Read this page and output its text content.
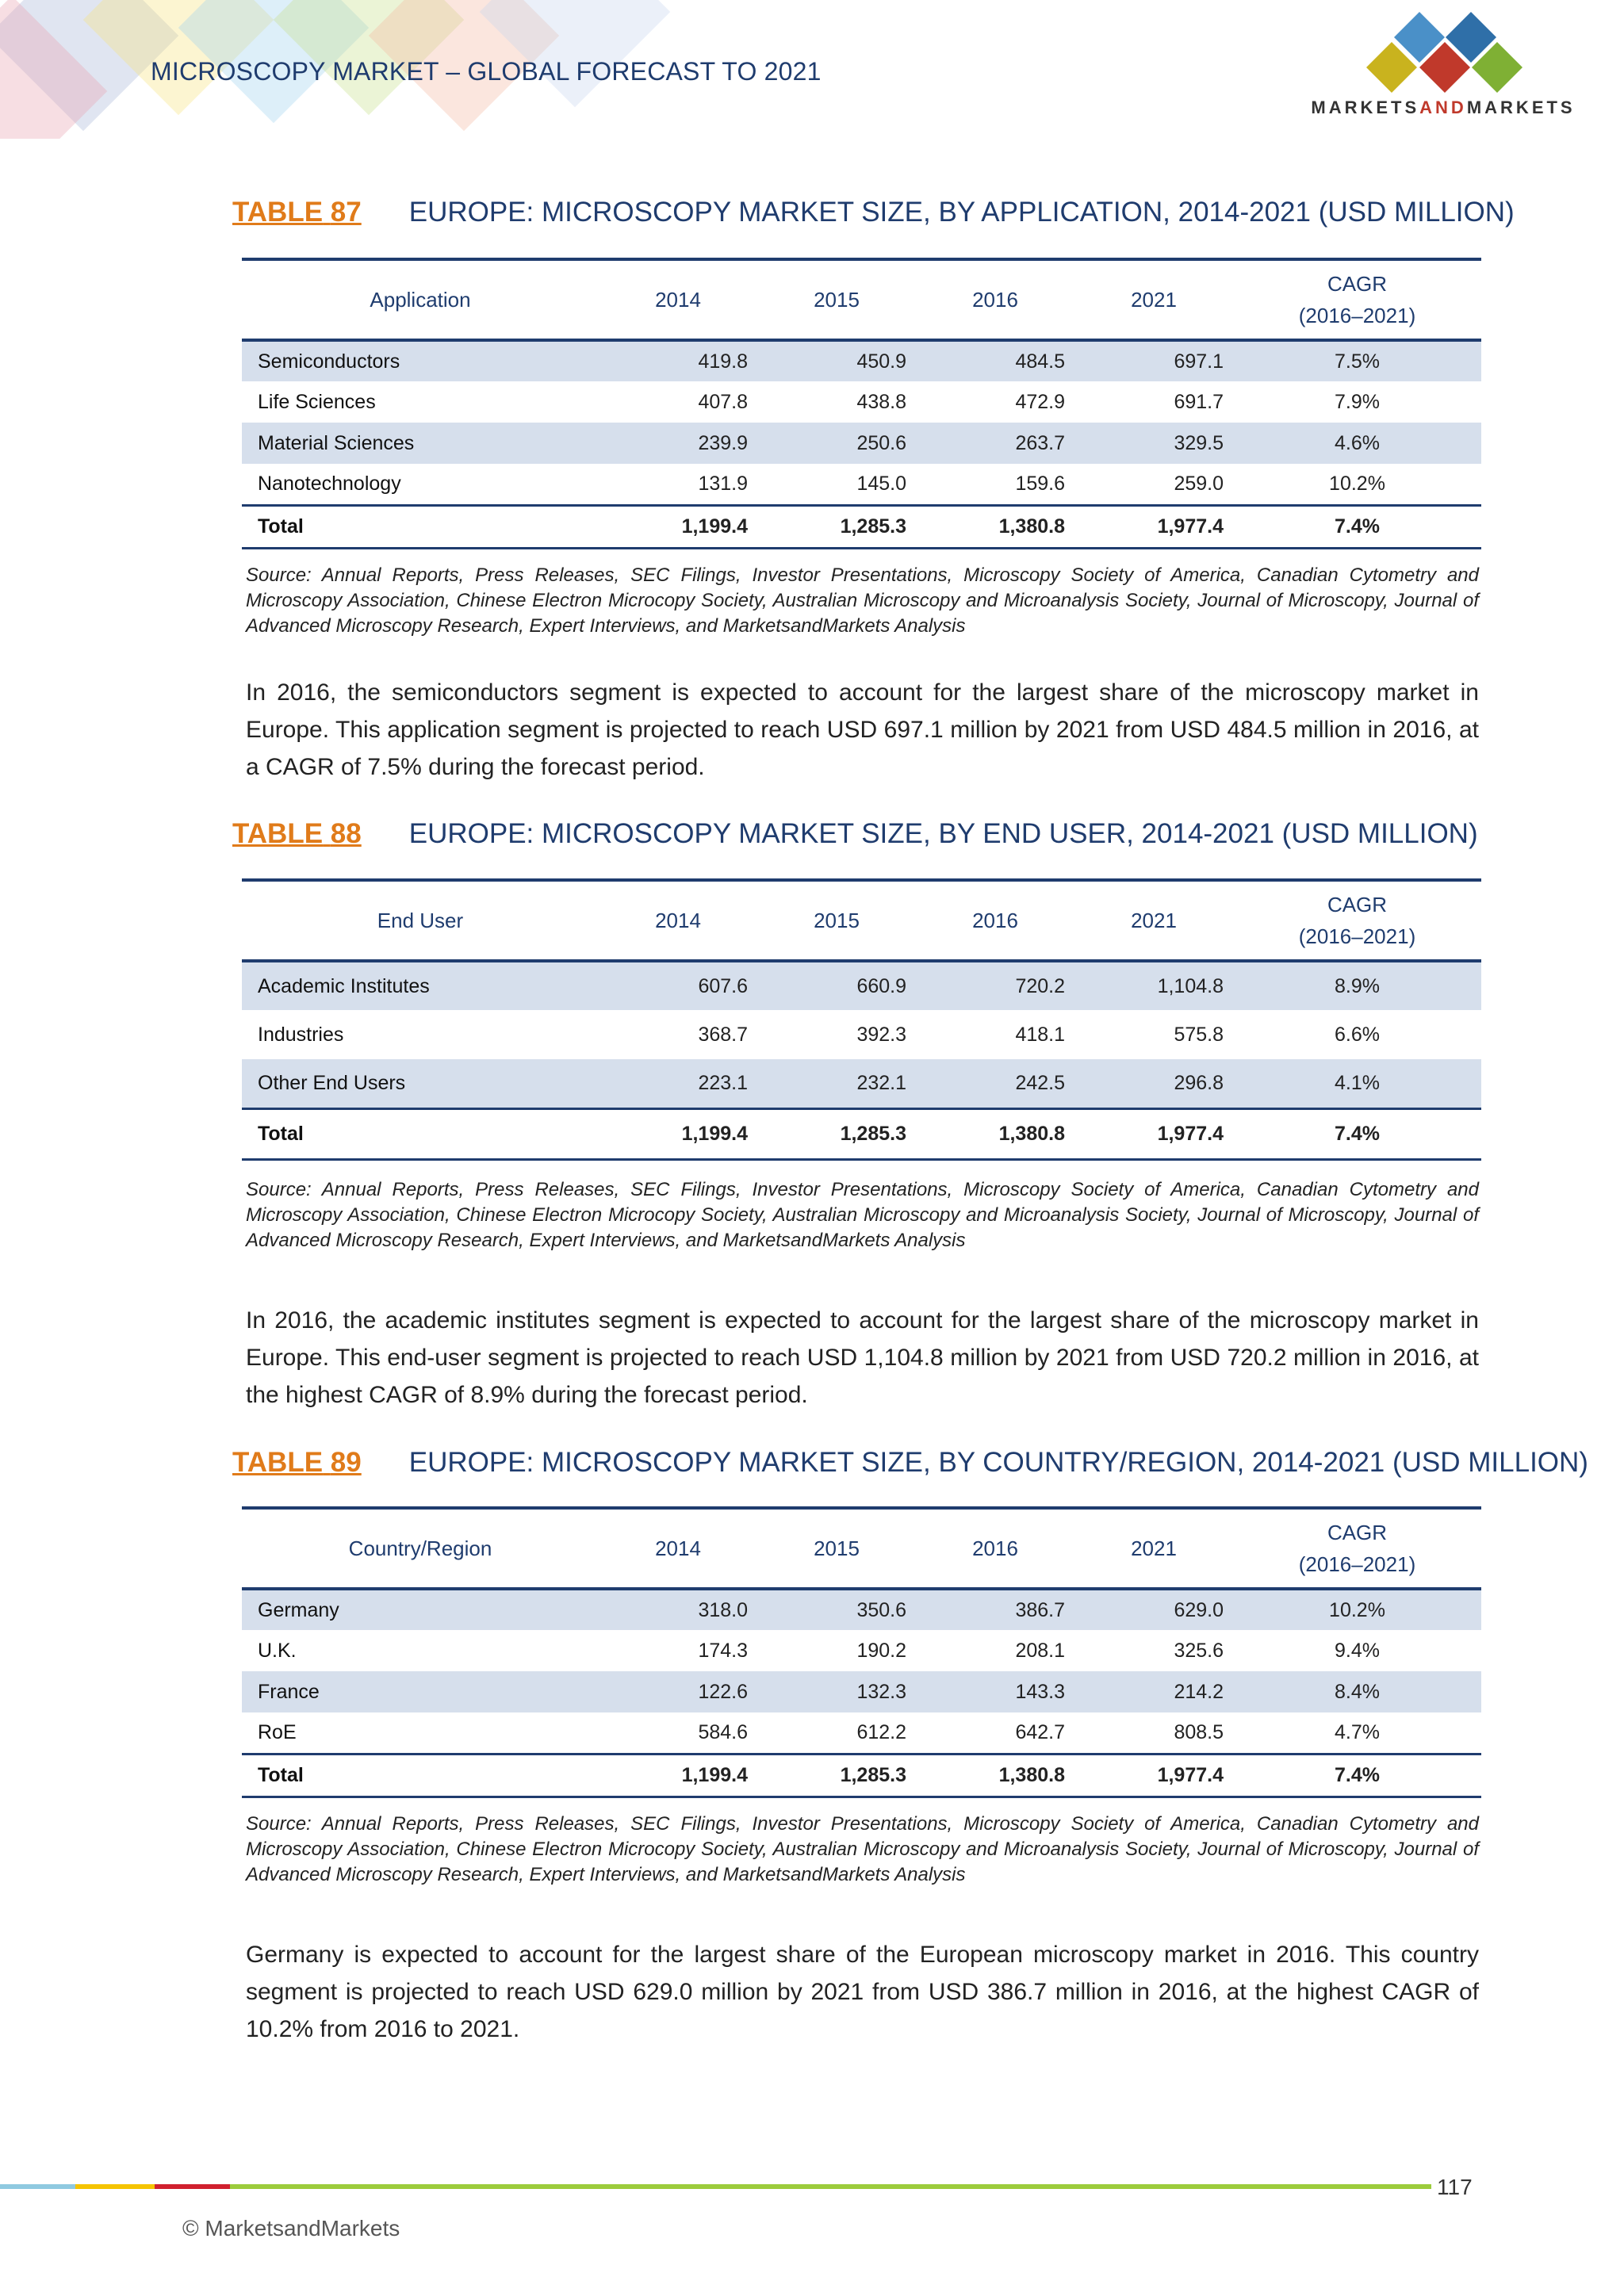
MICROSCOPY MARKET – GLOBAL FORECAST TO 2021
MARKETSANDMARKETS
TABLE 87 EUROPE: MICROSCOPY MARKET SIZE, BY APPLICATION, 2014-2021 (USD MILLION)
Application	2014	2015	2016	2021	CAGR
(2016–2021)

Semiconductors	419.8	450.9	484.5	697.1	7.5%
Life Sciences	407.8	438.8	472.9	691.7	7.9%
Material Sciences	239.9	250.6	263.7	329.5	4.6%
Nanotechnology	131.9	145.0	159.6	259.0	10.2%
Total	1,199.4	1,285.3	1,380.8	1,977.4	7.4%
Source: Annual Reports, Press Releases, SEC Filings, Investor Presentations, Microscopy Society of America, Canadian Cytometry and Microscopy Association, Chinese Electron Microcopy Society, Australian Microscopy and Microanalysis Society, Journal of Microscopy, Journal of Advanced Microscopy Research, Expert Interviews, and MarketsandMarkets Analysis
In 2016, the semiconductors segment is expected to account for the largest share of the microscopy market in Europe. This application segment is projected to reach USD 697.1 million by 2021 from USD 484.5 million in 2016, at a CAGR of 7.5% during the forecast period.
TABLE 88 EUROPE: MICROSCOPY MARKET SIZE, BY END USER, 2014-2021 (USD MILLION)
End User	2014	2015	2016	2021	CAGR
(2016–2021)

Academic Institutes	607.6	660.9	720.2	1,104.8	8.9%
Industries	368.7	392.3	418.1	575.8	6.6%
Other End Users	223.1	232.1	242.5	296.8	4.1%
Total	1,199.4	1,285.3	1,380.8	1,977.4	7.4%
Source: Annual Reports, Press Releases, SEC Filings, Investor Presentations, Microscopy Society of America, Canadian Cytometry and Microscopy Association, Chinese Electron Microcopy Society, Australian Microscopy and Microanalysis Society, Journal of Microscopy, Journal of Advanced Microscopy Research, Expert Interviews, and MarketsandMarkets Analysis
In 2016, the academic institutes segment is expected to account for the largest share of the microscopy market in Europe. This end-user segment is projected to reach USD 1,104.8 million by 2021 from USD 720.2 million in 2016, at the highest CAGR of 8.9% during the forecast period.
TABLE 89 EUROPE: MICROSCOPY MARKET SIZE, BY COUNTRY/REGION, 2014-2021 (USD MILLION)
Country/Region	2014	2015	2016	2021	CAGR
(2016–2021)

Germany	318.0	350.6	386.7	629.0	10.2%
U.K.	174.3	190.2	208.1	325.6	9.4%
France	122.6	132.3	143.3	214.2	8.4%
RoE	584.6	612.2	642.7	808.5	4.7%
Total	1,199.4	1,285.3	1,380.8	1,977.4	7.4%
Source: Annual Reports, Press Releases, SEC Filings, Investor Presentations, Microscopy Society of America, Canadian Cytometry and Microscopy Association, Chinese Electron Microcopy Society, Australian Microscopy and Microanalysis Society, Journal of Microscopy, Journal of Advanced Microscopy Research, Expert Interviews, and MarketsandMarkets Analysis
Germany is expected to account for the largest share of the European microscopy market in 2016. This country segment is projected to reach USD 629.0 million by 2021 from USD 386.7 million in 2016, at the highest CAGR of 10.2% from 2016 to 2021.
117
© MarketsandMarkets
